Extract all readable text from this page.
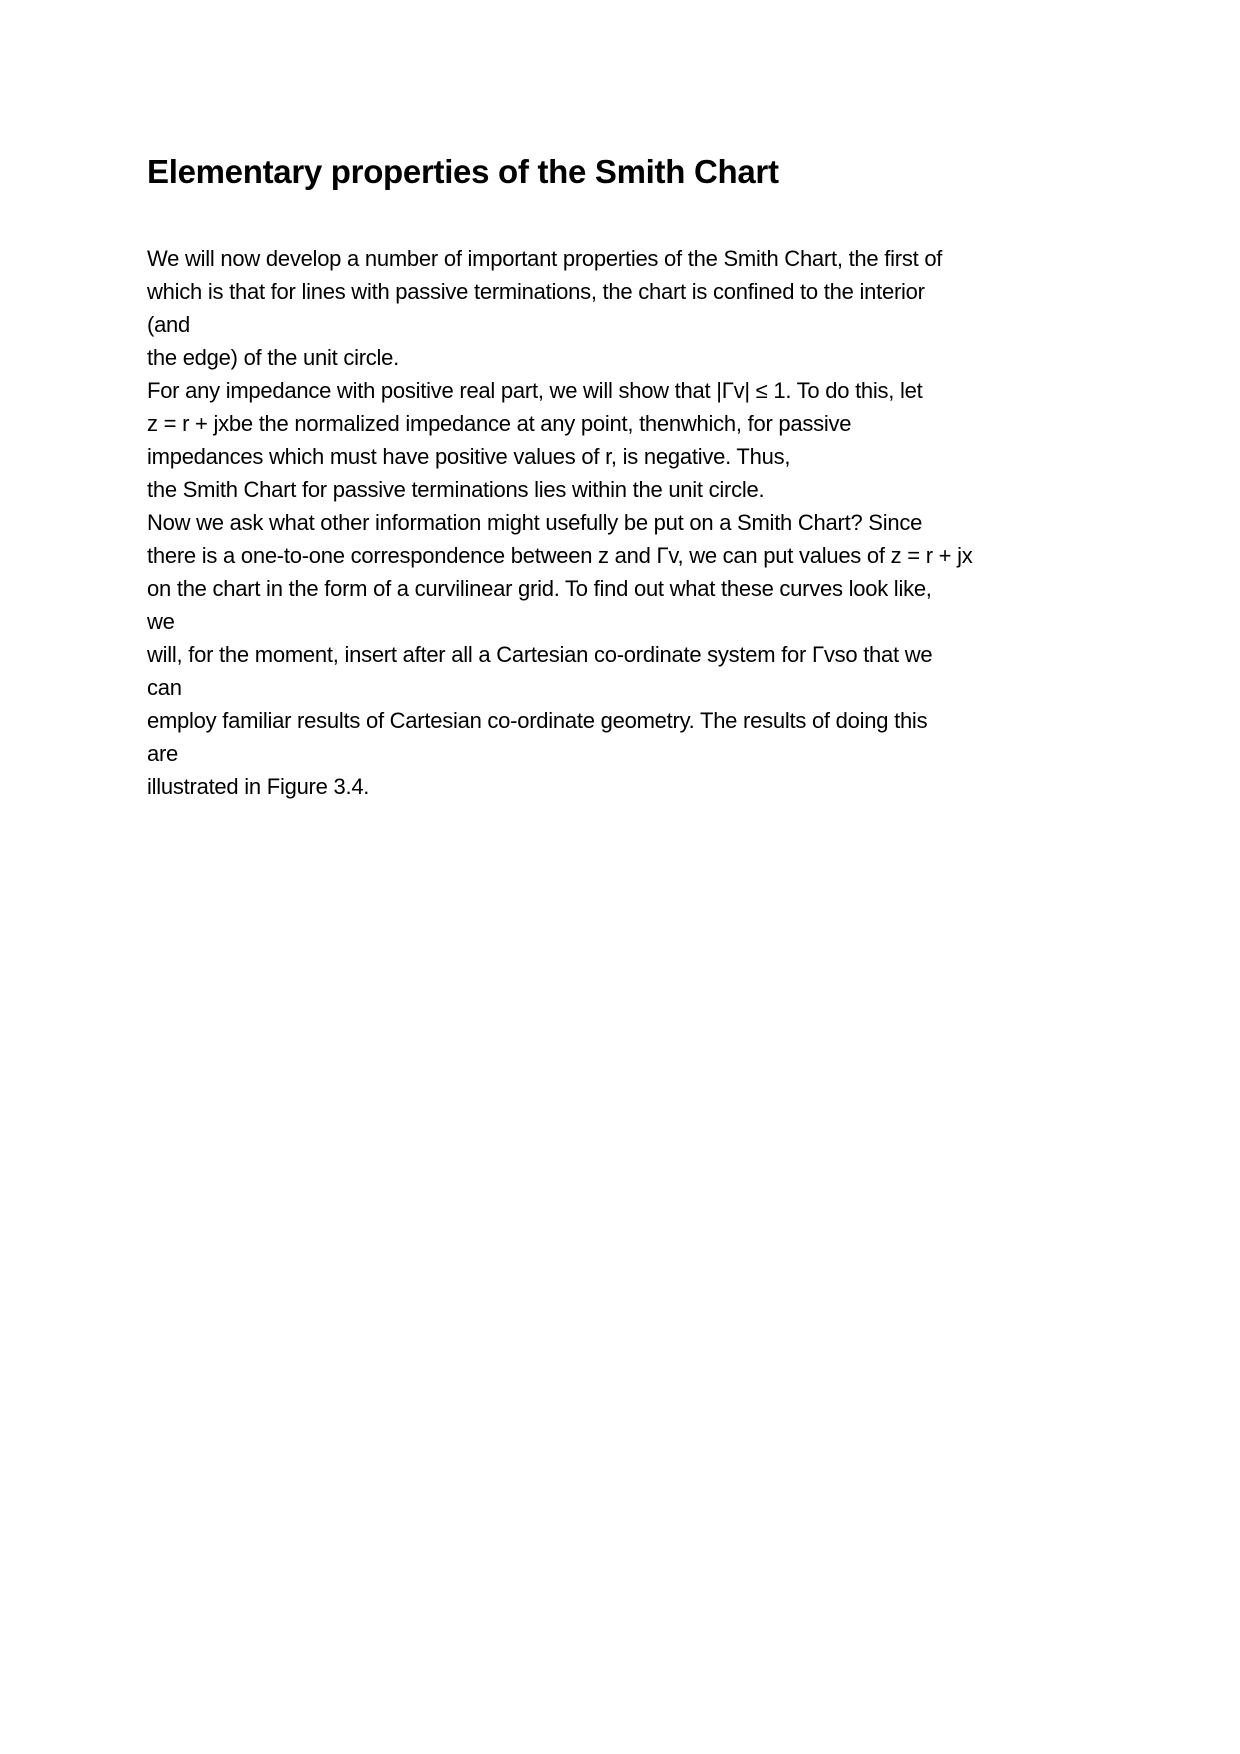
Elementary properties of the Smith Chart
We will now develop a number of important properties of the Smith Chart, the first of
which is that for lines with passive terminations, the chart is confined to the interior
(and
the edge) of the unit circle.
For any impedance with positive real part, we will show that |Γv| ≤ 1. To do this, let
z = r + jxbe the normalized impedance at any point, thenwhich, for passive
impedances which must have positive values of r, is negative. Thus,
the Smith Chart for passive terminations lies within the unit circle.
Now we ask what other information might usefully be put on a Smith Chart? Since
there is a one-to-one correspondence between z and Γv, we can put values of z = r + jx
on the chart in the form of a curvilinear grid. To find out what these curves look like,
we
will, for the moment, insert after all a Cartesian co-ordinate system for Γvso that we
can
employ familiar results of Cartesian co-ordinate geometry. The results of doing this
are
illustrated in Figure 3.4.
